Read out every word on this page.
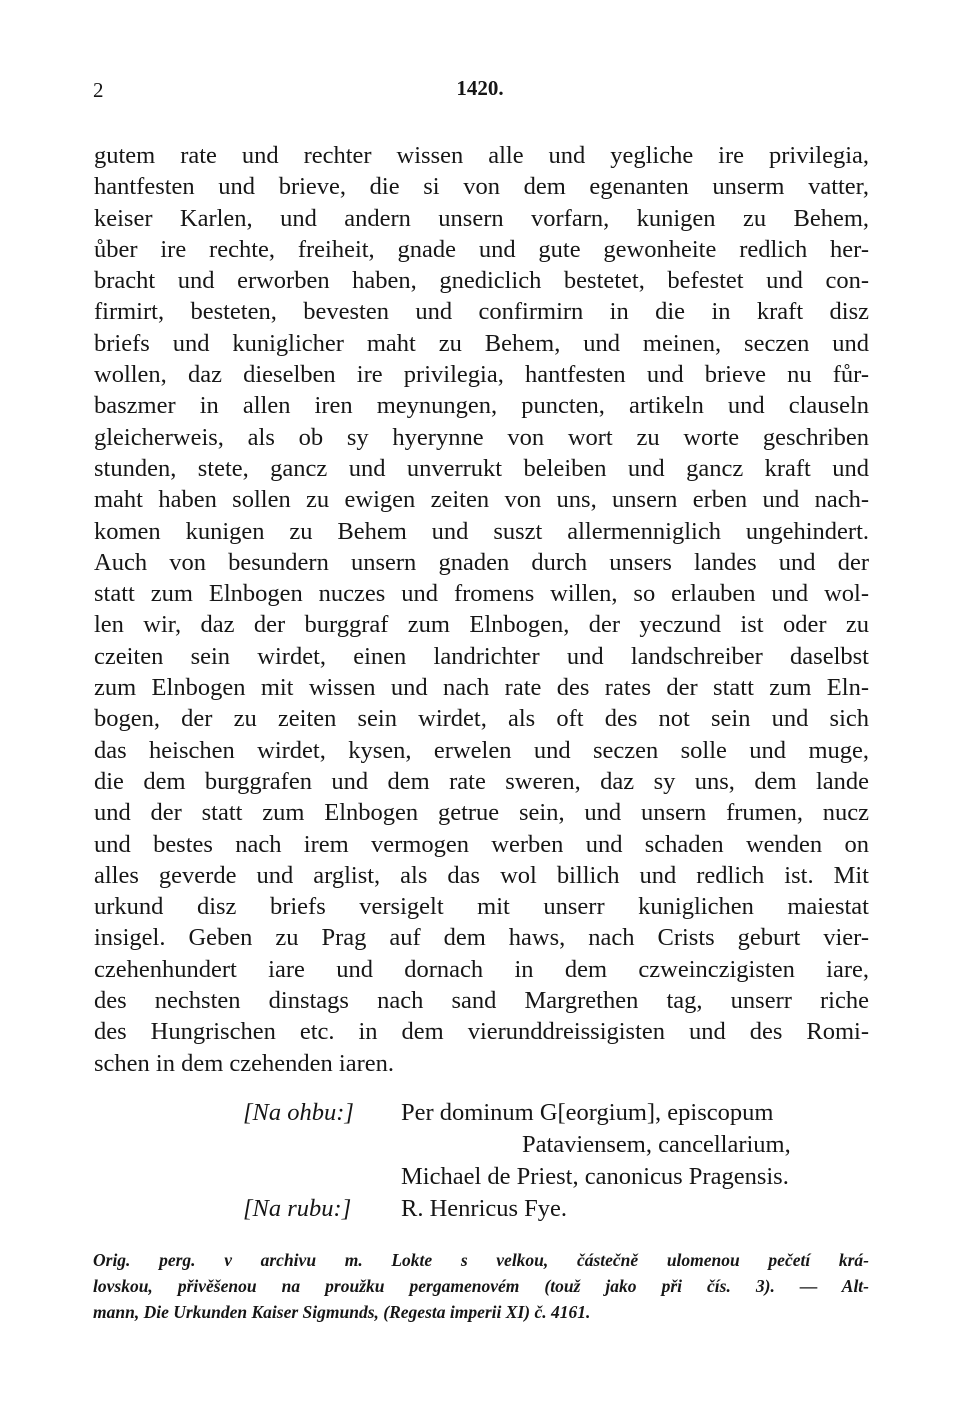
2	1420.
gutem rate und rechter wissen alle und yegliche ire privilegia,
hantfesten und brieve, die si von dem egenanten unserm vatter,
keiser Karlen, und andern unsern vorfarn, kunigen zu Behem,
ůber ire rechte, freiheit, gnade und gute gewonheite redlich her-
bracht und erworben haben, gnediclich bestetet, befestet und con-
firmirt, besteten, bevesten und confirmirn in die in kraft disz
briefs und kuniglicher maht zu Behem, und meinen, seczen und
wollen, daz dieselben ire privilegia, hantfesten und brieve nu fůr-
baszmer in allen iren meynungen, puncten, artikeln und clauseln
gleicherweis, als ob sy hyerynne von wort zu worte geschriben
stunden, stete, gancz und unverrukt beleiben und gancz kraft und
maht haben sollen zu ewigen zeiten von uns, unsern erben und nach-
komen kunigen zu Behem und suszt allermenniglich ungehindert.
Auch von besundern unsern gnaden durch unsers landes und der
statt zum Elnbogen nuczes und fromens willen, so erlauben und wol-
len wir, daz der burggraf zum Elnbogen, der yeczund ist oder zu
czeiten sein wirdet, einen landrichter und landschreiber daselbst
zum Elnbogen mit wissen und nach rate des rates der statt zum Eln-
bogen, der zu zeiten sein wirdet, als oft des not sein und sich
das heischen wirdet, kysen, erwelen und seczen solle und muge,
die dem burggrafen und dem rate sweren, daz sy uns, dem lande
und der statt zum Elnbogen getrue sein, und unsern frumen, nucz
und bestes nach irem vermogen werben und schaden wenden on
alles geverde und arglist, als das wol billich und redlich ist. Mit
urkund disz briefs versigelt mit unserr kuniglichen maiestat
insigel. Geben zu Prag auf dem haws, nach Crists geburt vier-
czehenhundert iare und dornach in dem czweinczigisten iare,
des nechsten dinstags nach sand Margrethen tag, unserr riche
des Hungrischen etc. in dem vierunddreissigisten und des Romi-
schen in dem czehenden iaren.
[Na ohbu:] Per dominum G[eorgium], episcopum
Pataviensem, cancellarium,
Michael de Priest, canonicus Pragensis.
[Na rubu:] R. Henricus Fye.
Orig. perg. v archivu m. Lokte s velkou, částečně ulomenou pečetí krá-
lovskou, přivěšenou na proužku pergamenovém (touž jako při čís. 3). — Alt-
mann, Die Urkunden Kaiser Sigmunds, (Regesta imperii XI) č. 4161.
